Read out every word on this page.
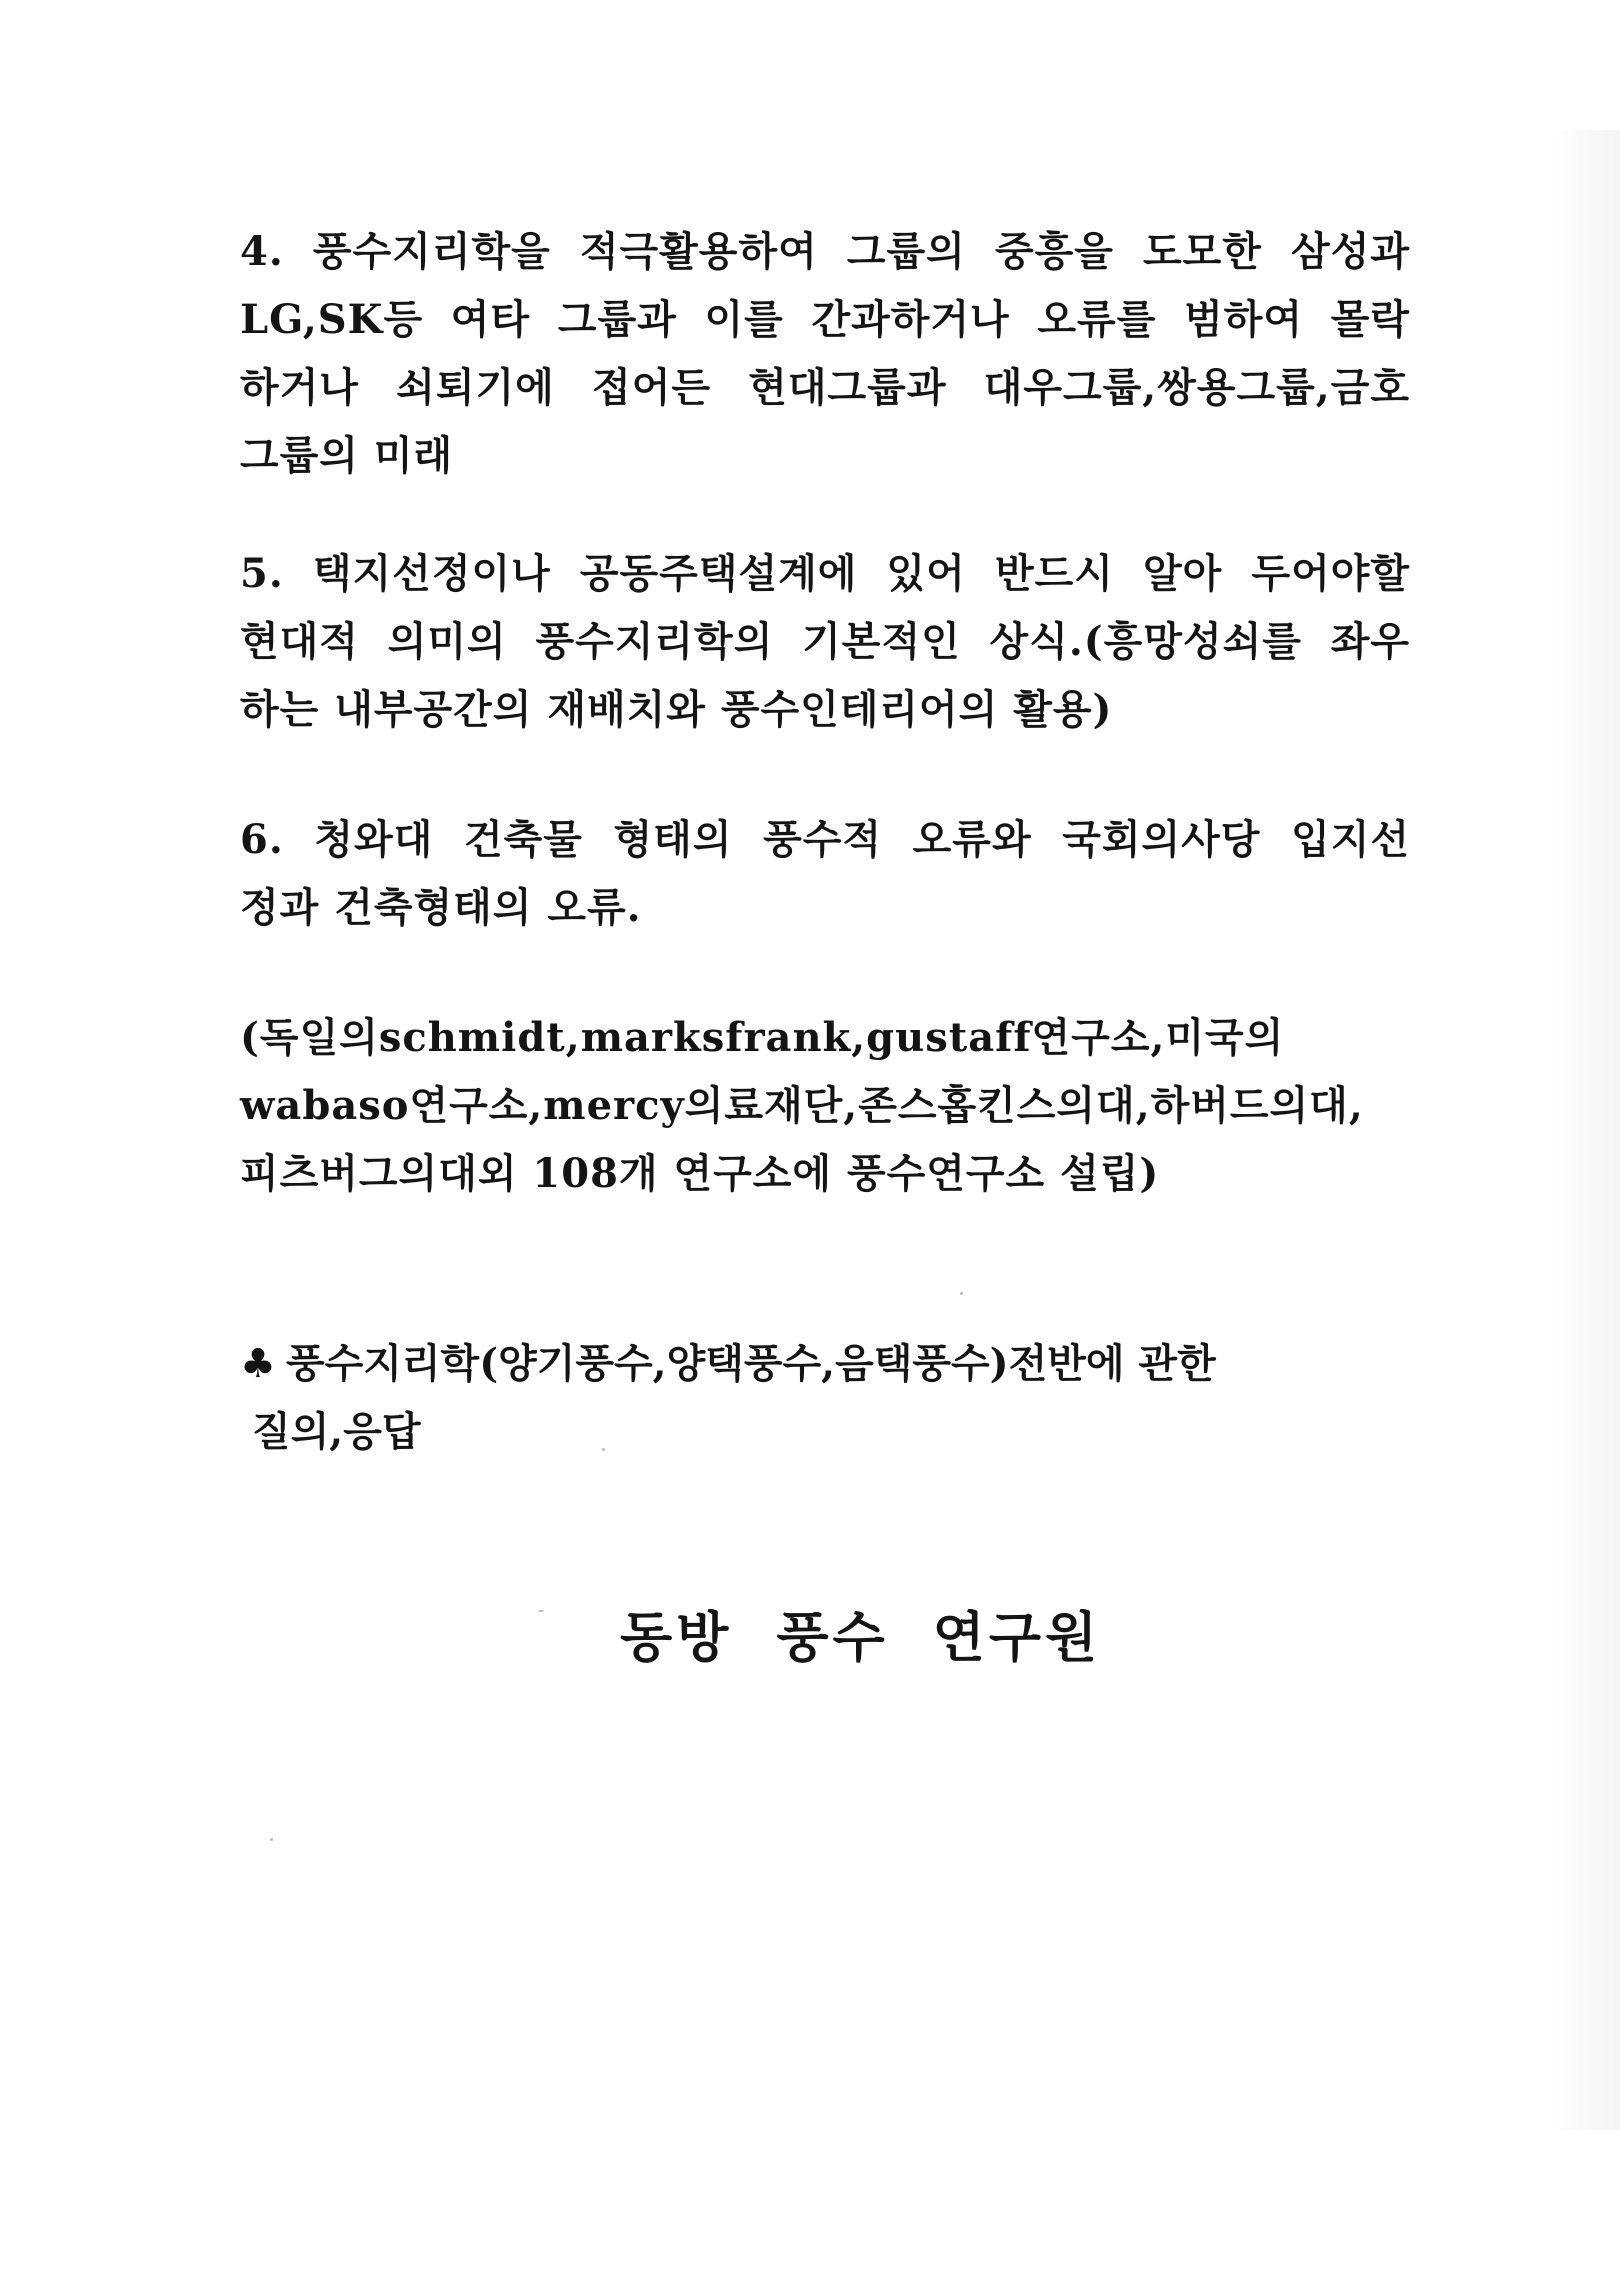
4. 풍수지리학을 적극활용하여 그룹의 중흥을 도모한 삼성과
LG,SK등 여타 그룹과 이를 간과하거나 오류를 범하여 몰락
하거나 쇠퇴기에 접어든 현대그룹과 대우그룹,쌍용그룹,금호
그룹의 미래
5. 택지선정이나 공동주택설계에 있어 반드시 알아 두어야할
현대적 의미의 풍수지리학의 기본적인 상식.(흥망성쇠를 좌우
하는 내부공간의 재배치와 풍수인테리어의 활용)
6. 청와대 건축물 형태의 풍수적 오류와 국회의사당 입지선
정과 건축형태의 오류.
(독일의schmidt,marksfrank,gustaff연구소,미국의
wabaso연구소,mercy의료재단,존스홉킨스의대,하버드의대,
피츠버그의대외 108개 연구소에 풍수연구소 설립)
♣ 풍수지리학(양기풍수,양택풍수,음택풍수)전반에 관한
질의,응답
동방 풍수 연구원
